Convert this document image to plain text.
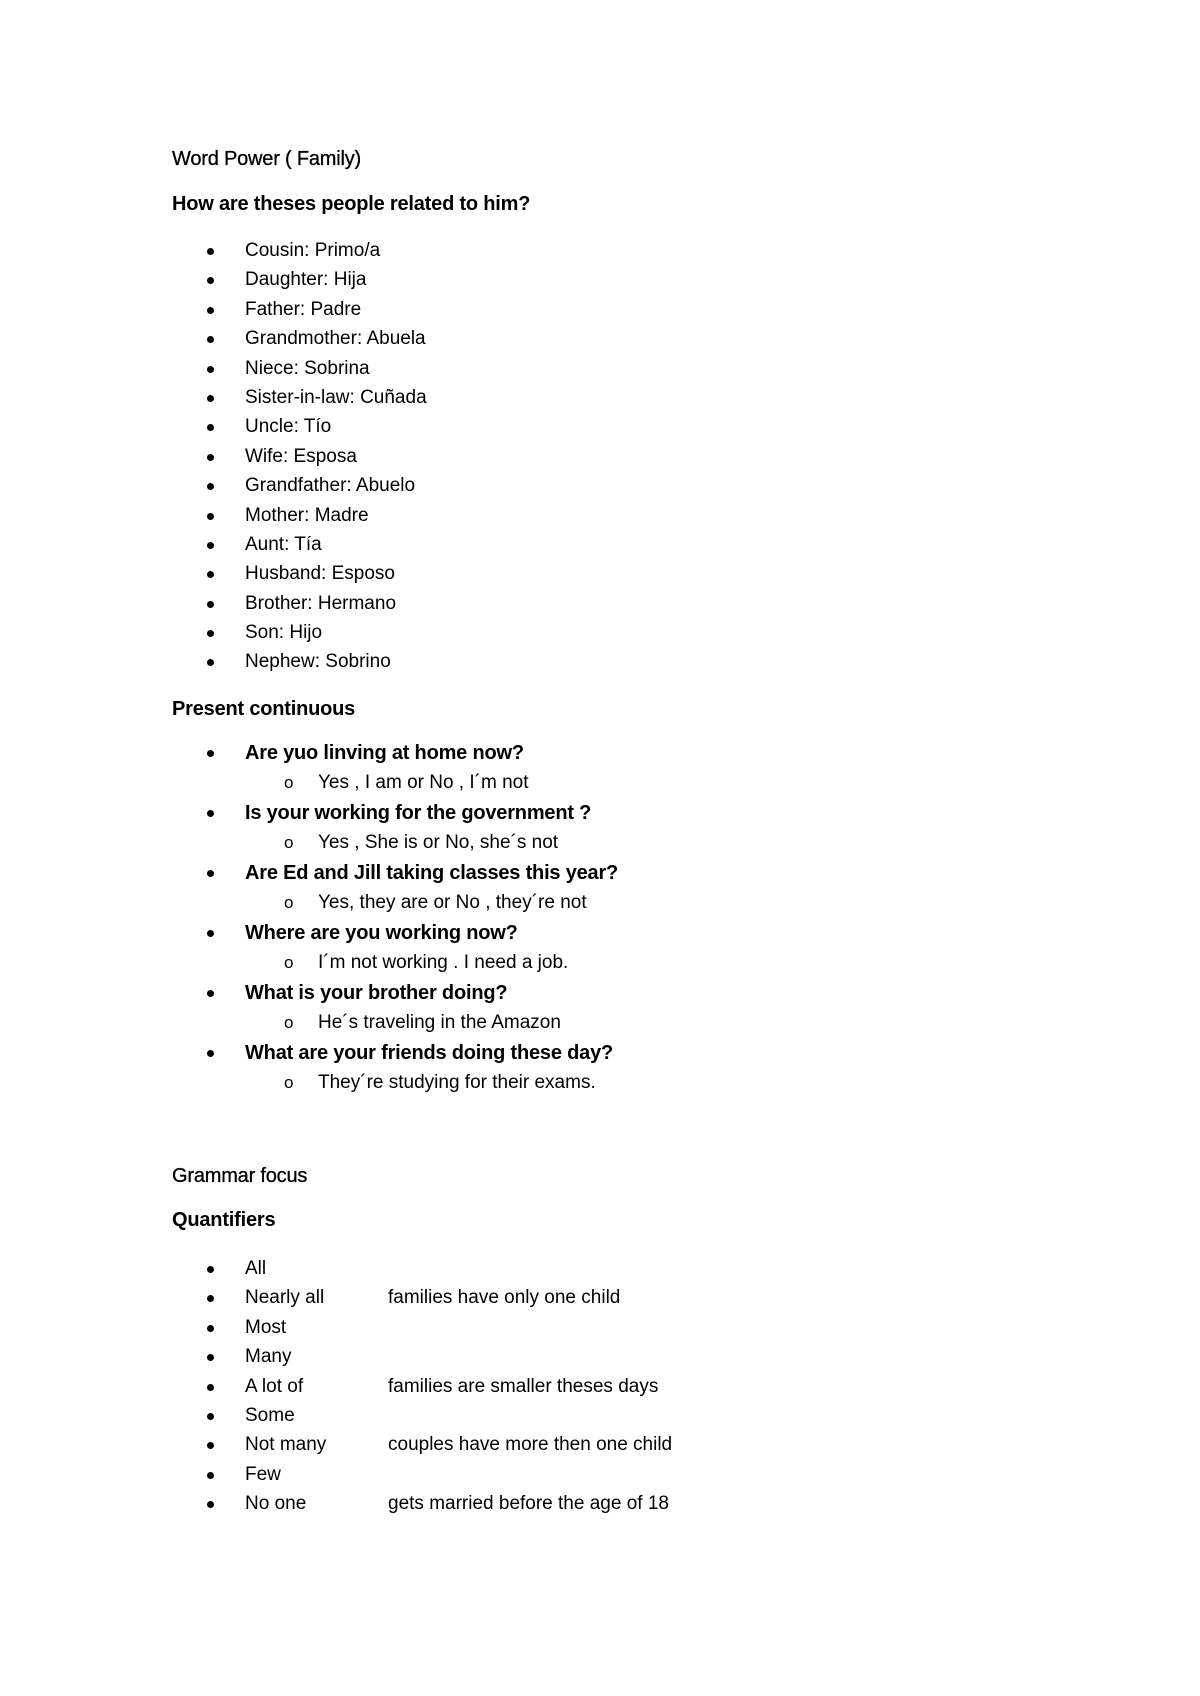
Word Power ( Family)
How are theses people related to him?
Cousin: Primo/a
Daughter: Hija
Father: Padre
Grandmother: Abuela
Niece: Sobrina
Sister-in-law: Cuñada
Uncle: Tío
Wife: Esposa
Grandfather: Abuelo
Mother: Madre
Aunt: Tía
Husband: Esposo
Brother: Hermano
Son: Hijo
Nephew: Sobrino
Present continuous
Are yuo linving at home now?
o Yes , I am or No , I´m not
Is your working for the government ?
o Yes , She is or No, she´s not
Are Ed and Jill taking classes this year?
o Yes, they are or No , they´re not
Where are you working now?
o I´m not working . I need a job.
What is your brother doing?
o He´s traveling in the Amazon
What are your friends doing these day?
o They´re studying for their exams.
Grammar focus
Quantifiers
All
Nearly all	families have only one child
Most
Many
A lot of	families are smaller theses days
Some
Not many	couples have more then one child
Few
No one	gets married before the age of 18
